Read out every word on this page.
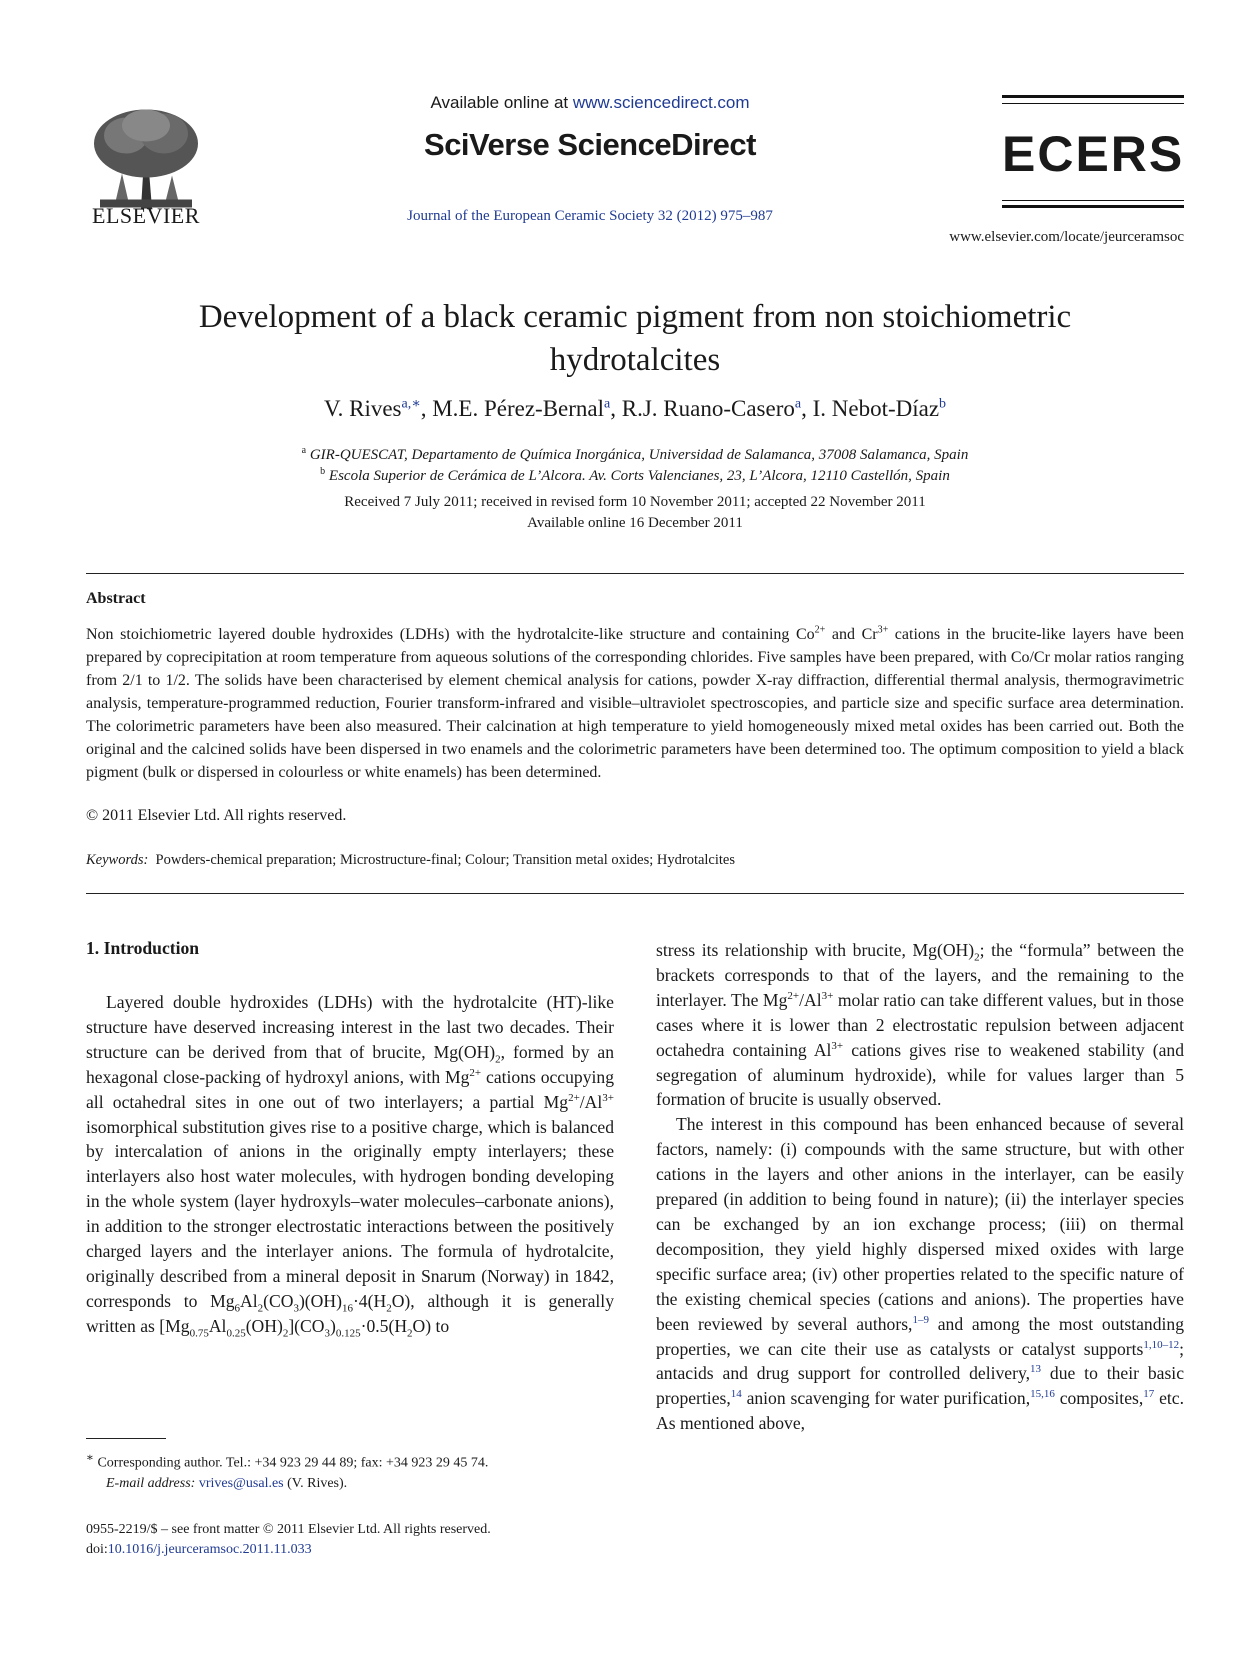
ELSEVIER
Available online at www.sciencedirect.com
SciVerse ScienceDirect
Journal of the European Ceramic Society 32 (2012) 975–987
ECERS
www.elsevier.com/locate/jeurceramsoc
Development of a black ceramic pigment from non stoichiometric
hydrotalcites
V. Rives$^{a,∗}$, M.E. Pérez-Bernal$^a$, R.J. Ruano-Casero$^a$, I. Nebot-Díaz$^b$
$^a$ GIR-QUESCAT, Departamento de Química Inorgánica, Universidad de Salamanca, 37008 Salamanca, Spain
$^b$ Escola Superior de Cerámica de L’Alcora. Av. Corts Valencianes, 23, L’Alcora, 12110 Castellón, Spain
Received 7 July 2011; received in revised form 10 November 2011; accepted 22 November 2011
Available online 16 December 2011
Abstract
Non stoichiometric layered double hydroxides (LDHs) with the hydrotalcite-like structure and containing $Co^{2+}$ and $Cr^{3+}$ cations in the brucite-like layers have been prepared by coprecipitation at room temperature from aqueous solutions of the corresponding chlorides. Five samples have been prepared, with Co/Cr molar ratios ranging from 2/1 to 1/2. The solids have been characterised by element chemical analysis for cations, powder X-ray diffraction, differential thermal analysis, thermogravimetric analysis, temperature-programmed reduction, Fourier transform-infrared and visible–ultraviolet spectroscopies, and particle size and specific surface area determination. The colorimetric parameters have been also measured. Their calcination at high temperature to yield homogeneously mixed metal oxides has been carried out. Both the original and the calcined solids have been dispersed in two enamels and the colorimetric parameters have been determined too. The optimum composition to yield a black pigment (bulk or dispersed in colourless or white enamels) has been determined.
© 2011 Elsevier Ltd. All rights reserved.
Keywords: Powders-chemical preparation; Microstructure-final; Colour; Transition metal oxides; Hydrotalcites
1. Introduction

Layered double hydroxides (LDHs) with the hydrotalcite (HT)-like structure have deserved increasing interest in the last two decades. Their structure can be derived from that of brucite, $Mg(OH)_2$, formed by an hexagonal close-packing of hydroxyl anions, with $Mg^{2+}$ cations occupying all octahedral sites in one out of two interlayers; a partial $Mg^{2+}/Al^{3+}$ isomorphical substitution gives rise to a positive charge, which is balanced by intercalation of anions in the originally empty interlayers; these interlayers also host water molecules, with hydrogen bonding developing in the whole system (layer hydroxyls–water molecules–carbonate anions), in addition to the stronger electrostatic interactions between the positively charged layers and the interlayer anions. The formula of hydrotalcite, originally described from a mineral deposit in Snarum (Norway) in 1842, corresponds to $Mg_6Al_2(CO_3)(OH)_{16}\cdot 4(H_2O)$, although it is generally written as $[Mg_{0.75}Al_{0.25}(OH)_2](CO_3)_{0.125}\cdot 0.5(H_2O)$ to

stress its relationship with brucite, $Mg(OH)_2$; the “formula” between the brackets corresponds to that of the layers, and the remaining to the interlayer. The $Mg^{2+}/Al^{3+}$ molar ratio can take different values, but in those cases where it is lower than 2 electrostatic repulsion between adjacent octahedra containing $Al^{3+}$ cations gives rise to weakened stability (and segregation of aluminum hydroxide), while for values larger than 5 formation of brucite is usually observed.

The interest in this compound has been enhanced because of several factors, namely: (i) compounds with the same structure, but with other cations in the layers and other anions in the interlayer, can be easily prepared (in addition to being found in nature); (ii) the interlayer species can be exchanged by an ion exchange process; (iii) on thermal decomposition, they yield highly dispersed mixed oxides with large specific surface area; (iv) other properties related to the specific nature of the existing chemical species (cations and anions). The properties have been reviewed by several authors,$^{1-9}$ and among the most outstanding properties, we can cite their use as catalysts or catalyst supports$^{1,10-12}$; antacids and drug support for controlled delivery,$^{13}$ due to their basic properties,$^{14}$ anion scavenging for water purification,$^{15,16}$ composites,$^{17}$ etc. As mentioned above,

∗ Corresponding author. Tel.: +34 923 29 44 89; fax: +34 923 29 45 74.
E-mail address: vrives@usal.es (V. Rives).
0955-2219/$ – see front matter © 2011 Elsevier Ltd. All rights reserved.
doi:10.1016/j.jeurceramsoc.2011.11.033
